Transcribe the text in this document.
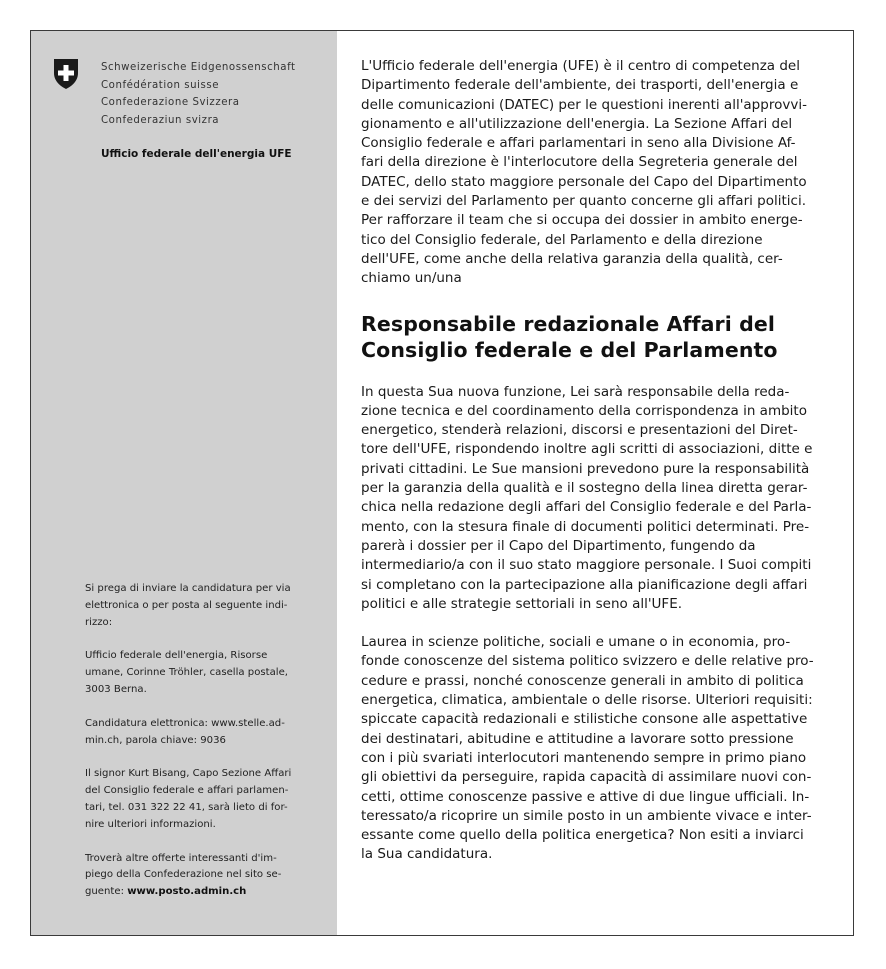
Schweizerische Eidgenossenschaft
Confédération suisse
Confederazione Svizzera
Confederaziun svizra
Ufficio federale dell'energia UFE

Si prega di inviare la candidatura per via
elettronica o per posta al seguente indi-
rizzo:

Ufficio federale dell'energia, Risorse
umane, Corinne Tröhler, casella postale,
3003 Berna.

Candidatura elettronica: www.stelle.ad-
min.ch, parola chiave: 9036

Il signor Kurt Bisang, Capo Sezione Affari
del Consiglio federale e affari parlamen-
tari, tel. 031 322 22 41, sarà lieto di for-
nire ulteriori informazioni.

Troverà altre offerte interessanti d'im-
piego della Confederazione nel sito se-
guente: www.posto.admin.ch

L'Ufficio federale dell'energia (UFE) è il centro di competenza del
Dipartimento federale dell'ambiente, dei trasporti, dell'energia e
delle comunicazioni (DATEC) per le questioni inerenti all'approvvi-
gionamento e all'utilizzazione dell'energia. La Sezione Affari del
Consiglio federale e affari parlamentari in seno alla Divisione Af-
fari della direzione è l'interlocutore della Segreteria generale del
DATEC, dello stato maggiore personale del Capo del Dipartimento
e dei servizi del Parlamento per quanto concerne gli affari politici.
Per rafforzare il team che si occupa dei dossier in ambito energe-
tico del Consiglio federale, del Parlamento e della direzione
dell'UFE, come anche della relativa garanzia della qualità, cer-
chiamo un/una

Responsabile redazionale Affari del
Consiglio federale e del Parlamento

In questa Sua nuova funzione, Lei sarà responsabile della reda-
zione tecnica e del coordinamento della corrispondenza in ambito
energetico, stenderà relazioni, discorsi e presentazioni del Diret-
tore dell'UFE, rispondendo inoltre agli scritti di associazioni, ditte e
privati cittadini. Le Sue mansioni prevedono pure la responsabilità
per la garanzia della qualità e il sostegno della linea diretta gerar-
chica nella redazione degli affari del Consiglio federale e del Parla-
mento, con la stesura finale di documenti politici determinati. Pre-
parerà i dossier per il Capo del Dipartimento, fungendo da
intermediario/a con il suo stato maggiore personale. I Suoi compiti
si completano con la partecipazione alla pianificazione degli affari
politici e alle strategie settoriali in seno all'UFE.

Laurea in scienze politiche, sociali e umane o in economia, pro-
fonde conoscenze del sistema politico svizzero e delle relative pro-
cedure e prassi, nonché conoscenze generali in ambito di politica
energetica, climatica, ambientale o delle risorse. Ulteriori requisiti:
spiccate capacità redazionali e stilistiche consone alle aspettative
dei destinatari, abitudine e attitudine a lavorare sotto pressione
con i più svariati interlocutori mantenendo sempre in primo piano
gli obiettivi da perseguire, rapida capacità di assimilare nuovi con-
cetti, ottime conoscenze passive e attive di due lingue ufficiali. In-
teressato/a ricoprire un simile posto in un ambiente vivace e inter-
essante come quello della politica energetica? Non esiti a inviarci
la Sua candidatura.
